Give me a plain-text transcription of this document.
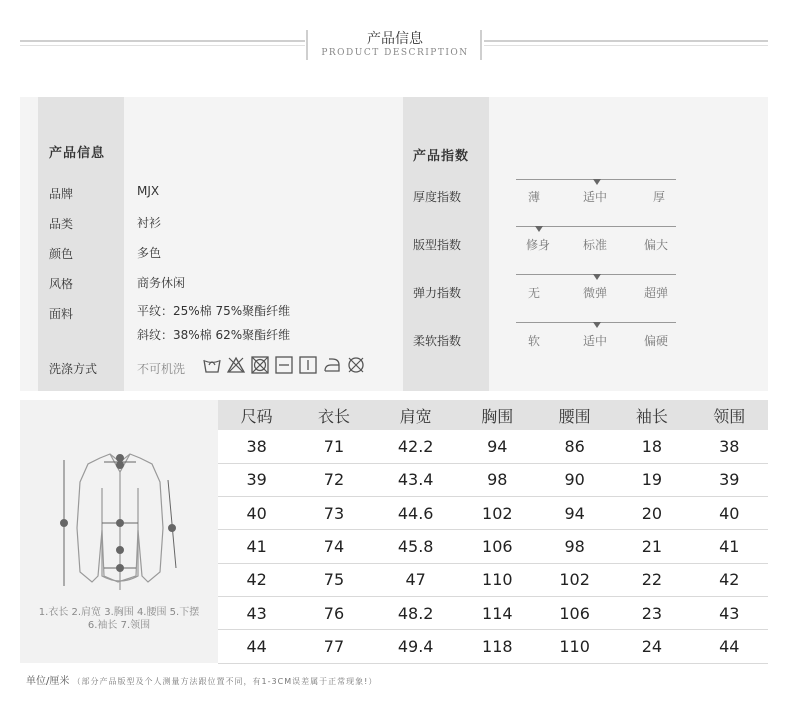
产品信息
PRODUCT DESCRIPTION
产品信息
品牌	MJX
品类	衬衫
颜色	多色
风格	商务休闲
面料	平纹：25%棉 75%聚酯纤维
斜纹：38%棉 62%聚酯纤维
洗涤方式	不可机洗
产品指数
厚度指数	薄	适中	厚
版型指数	修身	标准	偏大
弹力指数	无	微弹	超弹
柔软指数	软	适中	偏硬
1.衣长 2.肩宽 3.胸围 4.腰围 5.下摆
6.袖长 7.领围
尺码	衣长	肩宽	胸围	腰围	袖长	领围
38	71	42.2	94	86	18	38
39	72	43.4	98	90	19	39
40	73	44.6	102	94	20	40
41	74	45.8	106	98	21	41
42	75	47	110	102	22	42
43	76	48.2	114	106	23	43
44	77	49.4	118	110	24	44
单位/厘米 （部分产品版型及个人测量方法跟位置不同，有1-3CM误差属于正常现象!）
